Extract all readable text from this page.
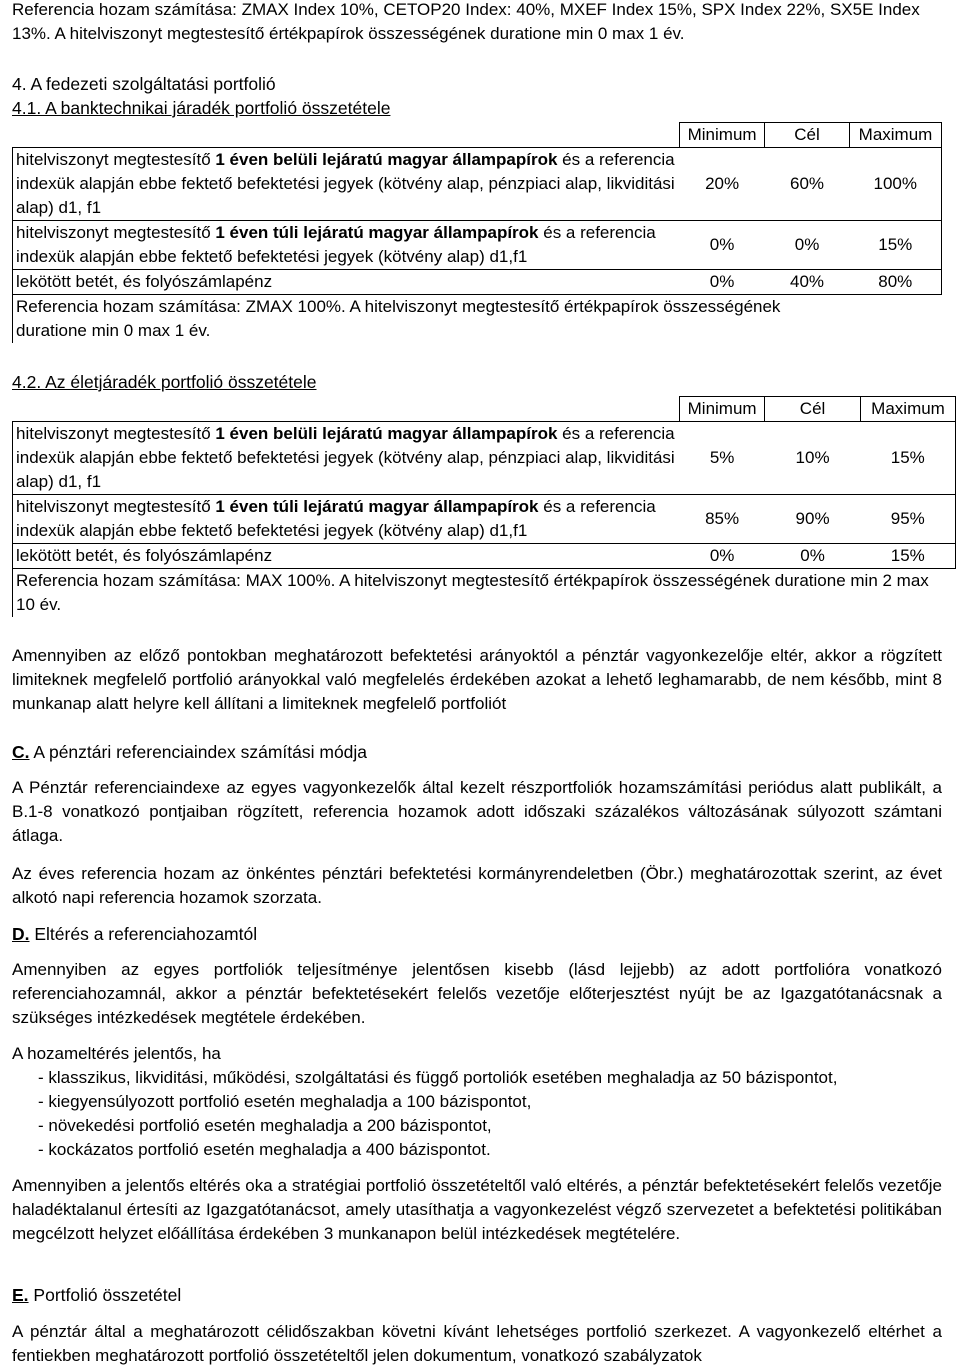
Referencia hozam számítása: ZMAX Index 10%, CETOP20 Index: 40%, MXEF Index 15%, SPX Index 22%, SX5E Index 13%. A hitelviszonyt megtestesítő értékpapírok összességének duratione min 0 max 1 év.
4. A fedezeti szolgáltatási portfolió
4.1. A banktechnikai járadék portfolió összetétele
	Minimum	Cél	Maximum
hitelviszonyt megtestesítő 1 éven belüli lejáratú magyar állampapírok és a referencia indexük alapján ebbe fektető befektetési jegyek (kötvény alap, pénzpiaci alap, likviditási alap) d1, f1	20%	60%	100%
hitelviszonyt megtestesítő 1 éven túli lejáratú magyar állampapírok és a referencia indexük alapján ebbe fektető befektetési jegyek (kötvény alap) d1,f1	0%	0%	15%
lekötött betét, és folyószámlapénz	0%	40%	80%
Referencia hozam számítása: ZMAX 100%. A hitelviszonyt megtestesítő értékpapírok összességének duratione min 0 max 1 év.			
4.2. Az életjáradék portfolió összetétele
	Minimum	Cél	Maximum
hitelviszonyt megtestesítő 1 éven belüli lejáratú magyar állampapírok és a referencia indexük alapján ebbe fektető befektetési jegyek (kötvény alap, pénzpiaci alap, likviditási alap) d1, f1	5%	10%	15%
hitelviszonyt megtestesítő 1 éven túli lejáratú magyar állampapírok és a referencia indexük alapján ebbe fektető befektetési jegyek (kötvény alap) d1,f1	85%	90%	95%
lekötött betét, és folyószámlapénz	0%	0%	15%
Referencia hozam számítása: MAX 100%. A hitelviszonyt megtestesítő értékpapírok összességének duratione min 2 max 10 év.			
Amennyiben az előző pontokban meghatározott befektetési arányoktól a pénztár vagyonkezelője eltér, akkor a rögzített limiteknek megfelelő portfolió arányokkal való megfelelés érdekében azokat a lehető leghamarabb, de nem később, mint 8 munkanap alatt helyre kell állítani a limiteknek megfelelő portfoliót
C. A pénztári referenciaindex számítási módja
A Pénztár referenciaindexe az egyes vagyonkezelők által kezelt részportfoliók hozamszámítási periódus alatt publikált, a B.1-8 vonatkozó pontjaiban rögzített, referencia hozamok adott időszaki százalékos változásának súlyozott számtani átlaga.
Az éves referencia hozam az önkéntes pénztári befektetési kormányrendeletben (Öbr.) meghatározottak szerint, az évet alkotó napi referencia hozamok szorzata.
D. Eltérés a referenciahozamtól
Amennyiben az egyes portfoliók teljesítménye jelentősen kisebb (lásd lejjebb) az adott portfolióra vonatkozó referenciahozamnál, akkor a pénztár befektetésekért felelős vezetője előterjesztést nyújt be az Igazgatótanácsnak a szükséges intézkedések megtétele érdekében.
A hozameltérés jelentős, ha
- klasszikus, likviditási, működési, szolgáltatási és függő portoliók esetében meghaladja az 50 bázispontot,
- kiegyensúlyozott portfolió esetén meghaladja a 100 bázispontot,
- növekedési portfolió esetén meghaladja a 200 bázispontot,
- kockázatos portfolió esetén meghaladja a 400 bázispontot.
Amennyiben a jelentős eltérés oka a stratégiai portfolió összetételtől való eltérés, a pénztár befektetésekért felelős vezetője haladéktalanul értesíti az Igazgatótanácsot, amely utasíthatja a vagyonkezelést végző szervezetet a befektetési politikában megcélzott helyzet előállítása érdekében 3 munkanapon belül intézkedések megtételére.
E. Portfolió összetétel
A pénztár által a meghatározott célidőszakban követni kívánt lehetséges portfolió szerkezet. A vagyonkezelő eltérhet a fentiekben meghatározott portfolió összetételtől jelen dokumentum, vonatkozó szabályzatok
